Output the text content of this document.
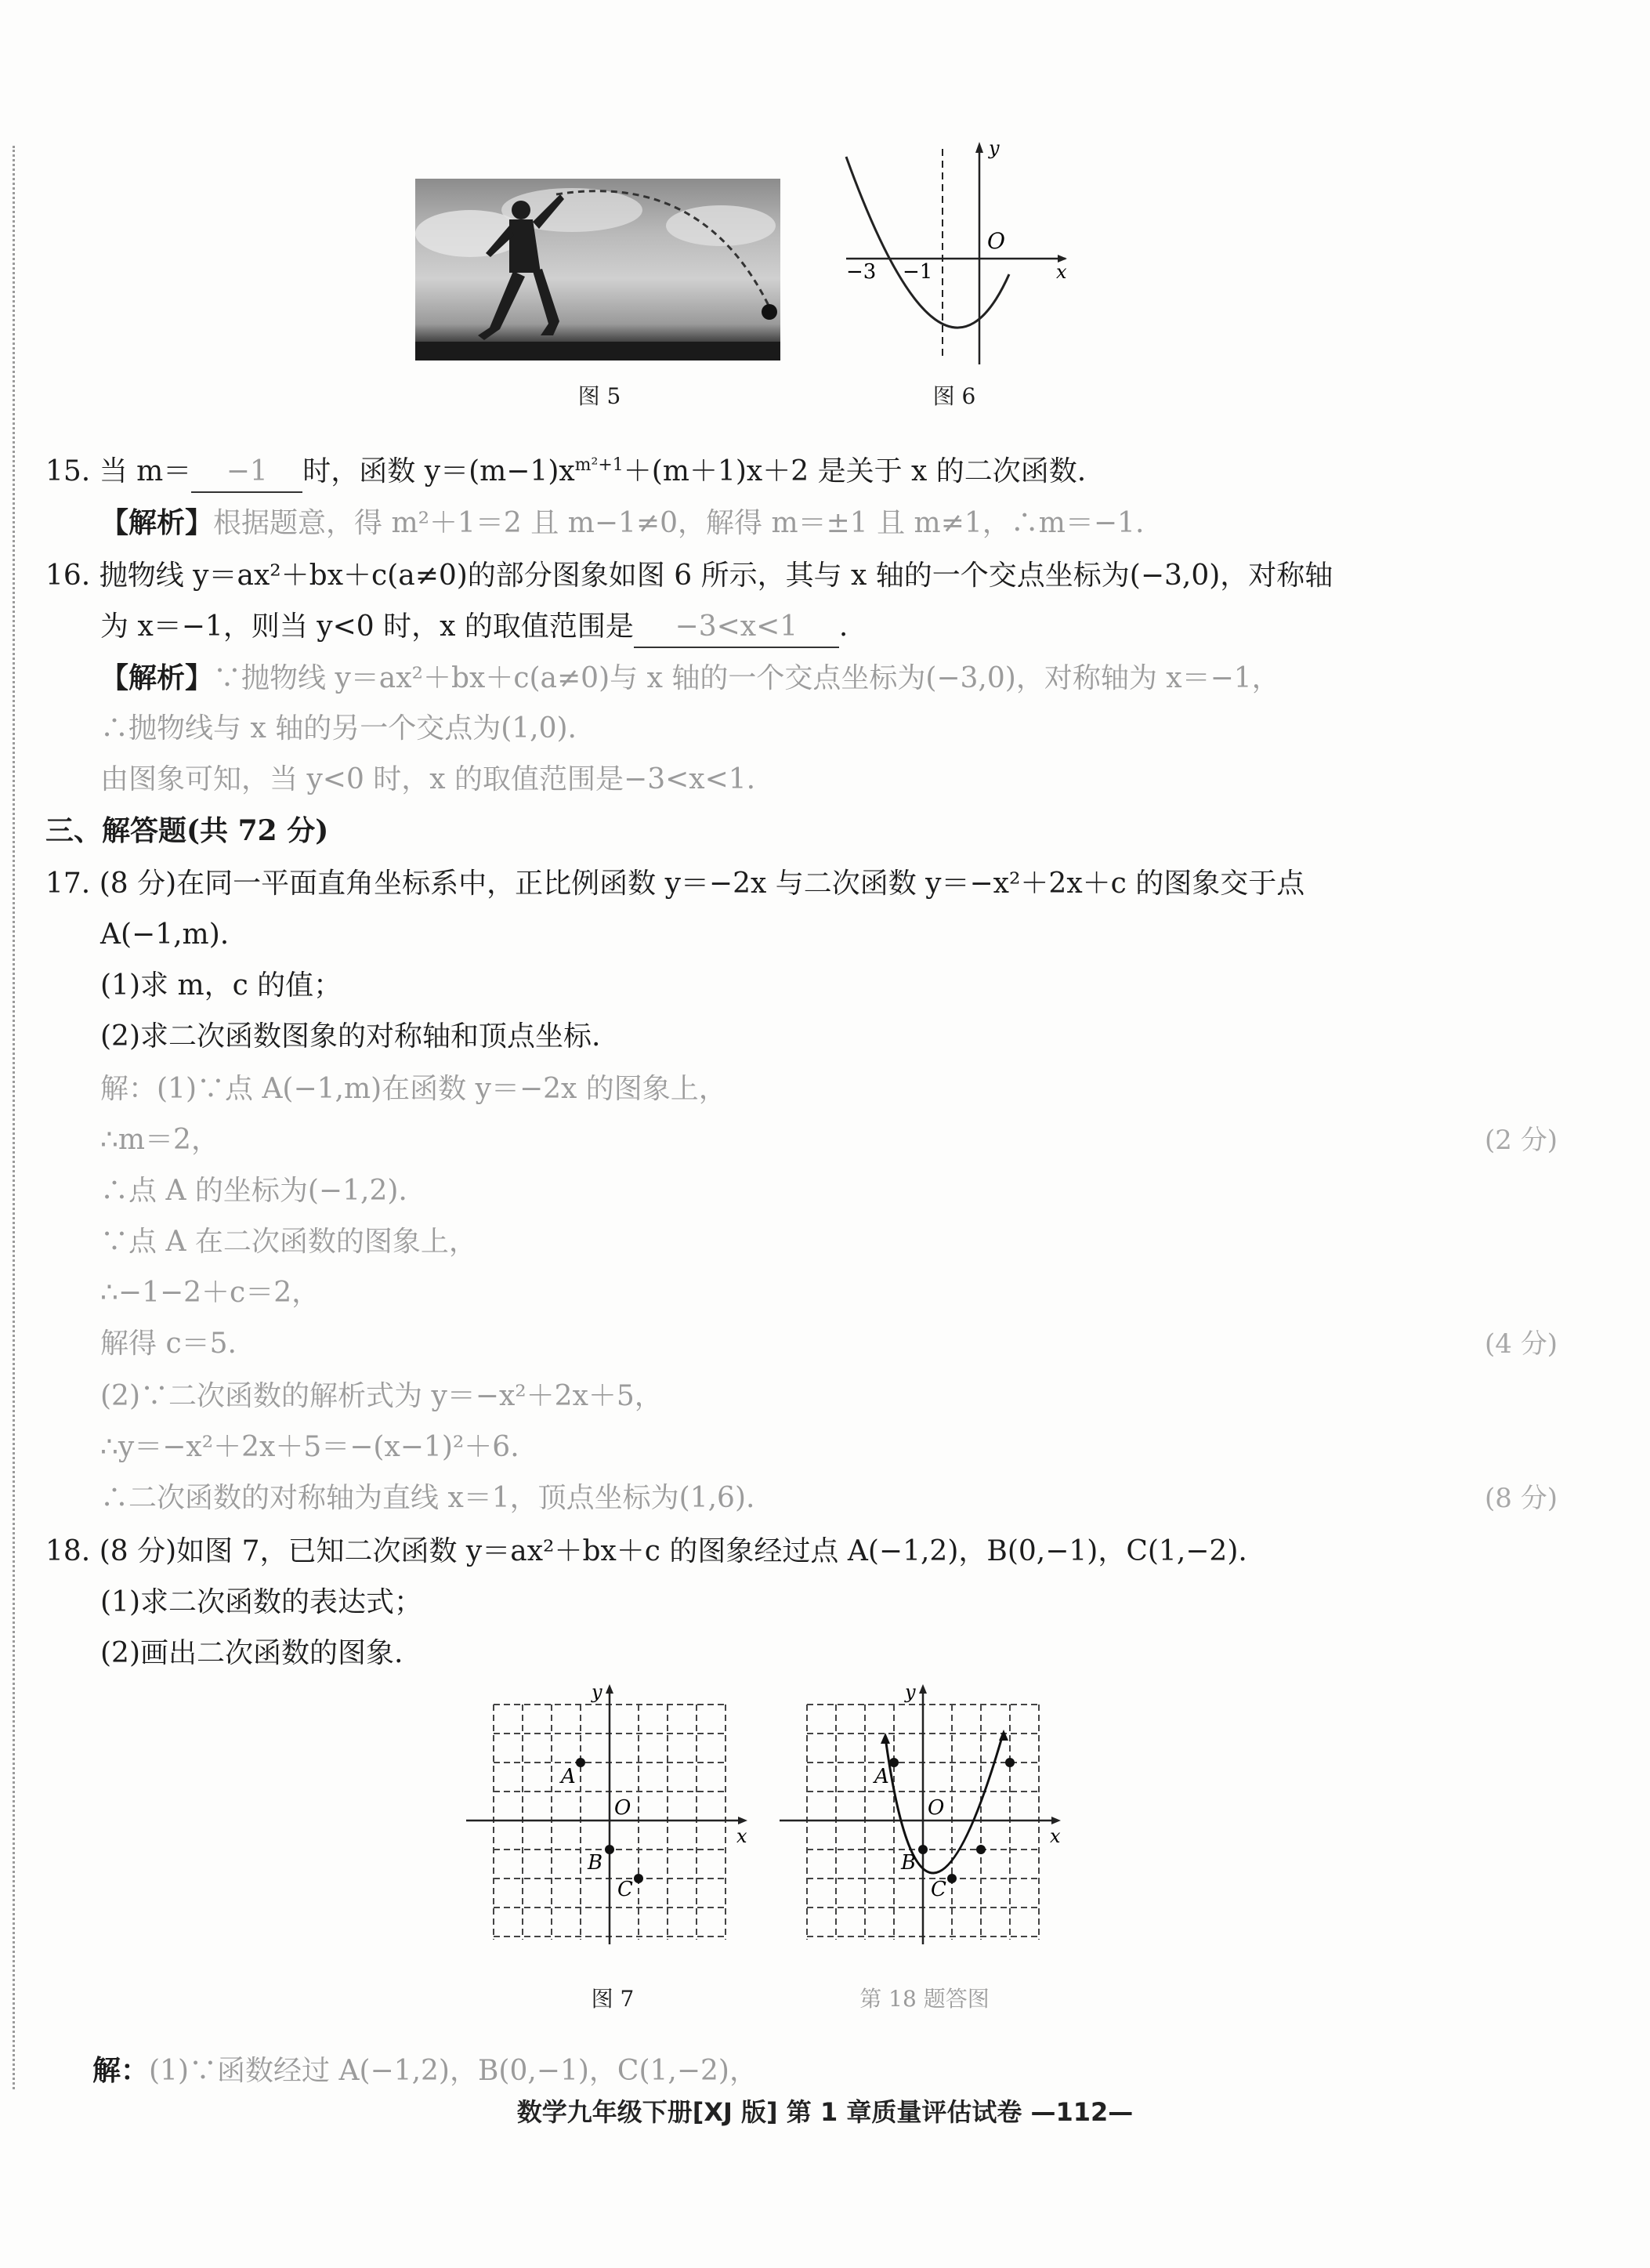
图 5
y
x
O
−3 −1
图 6
15. 当 m＝ −1 时，函数 $y=(m-1)x^{m^2+1}+(m+1)x+2$ 是关于 x 的二次函数.
【解析】根据题意，得 m²＋1＝2 且 m−1≠0，解得 m＝±1 且 m≠1，∴m＝−1.
16. 抛物线 y＝ax²＋bx＋c(a≠0)的部分图象如图 6 所示，其与 x 轴的一个交点坐标为(−3,0)，对称轴
为 x＝−1，则当 y<0 时，x 的取值范围是 −3<x<1 .
【解析】∵抛物线 y＝ax²＋bx＋c(a≠0)与 x 轴的一个交点坐标为(−3,0)，对称轴为 x＝−1，
∴抛物线与 x 轴的另一个交点为(1,0).
由图象可知，当 y<0 时，x 的取值范围是−3<x<1.
三、解答题(共 72 分)
17. (8 分)在同一平面直角坐标系中，正比例函数 y＝−2x 与二次函数 y＝−x²＋2x＋c 的图象交于点
A(−1,m).
(1)求 m，c 的值；
(2)求二次函数图象的对称轴和顶点坐标.
解：(1)∵点 A(−1,m)在函数 y＝−2x 的图象上，
∴m＝2，	(2 分)
∴点 A 的坐标为(−1,2).
∵点 A 在二次函数的图象上，
∴−1−2＋c＝2，
解得 c＝5.	(4 分)
(2)∵二次函数的解析式为 y＝−x²＋2x＋5，
∴y＝−x²＋2x＋5＝−(x−1)²＋6.
∴二次函数的对称轴为直线 x＝1，顶点坐标为(1,6).	(8 分)
18. (8 分)如图 7，已知二次函数 y＝ax²＋bx＋c 的图象经过点 A(−1,2)，B(0,−1)，C(1,−2).
(1)求二次函数的表达式；
(2)画出二次函数的图象.
y
x
O
A
B
C
图 7
y
x
O
A
B
C
第 18 题答图
解：(1)∵函数经过 A(−1,2)，B(0,−1)，C(1,−2)，
数学九年级下册[XJ 版] 第 1 章质量评估试卷 —112—
